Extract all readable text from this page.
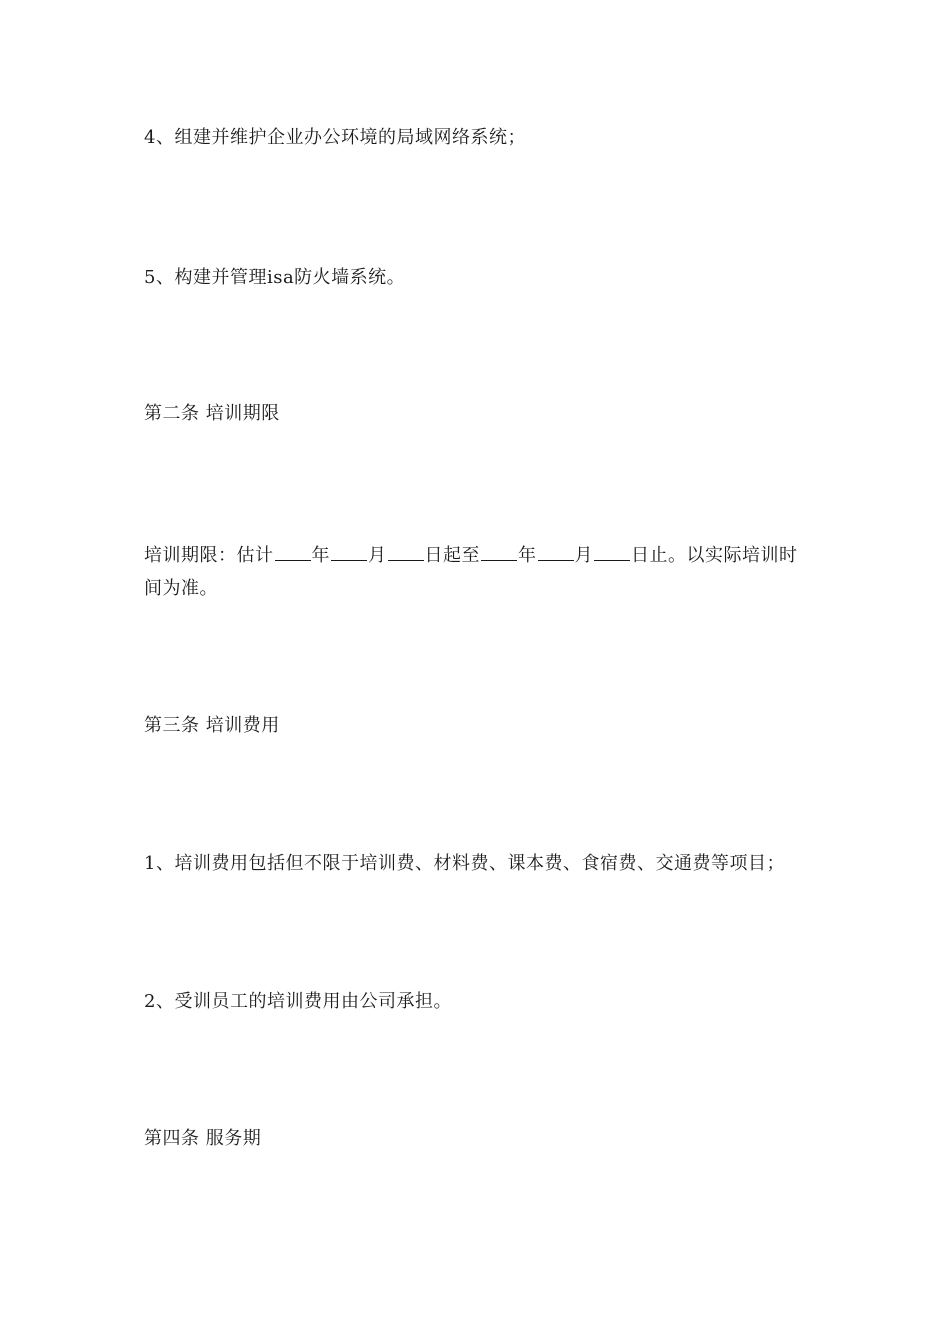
4、组建并维护企业办公环境的局域网络系统；
5、构建并管理isa防火墙系统。
第二条 培训期限
培训期限：估计 年 月 日起至 年 月 日止。以实际培训时间为准。
第三条 培训费用
1、培训费用包括但不限于培训费、材料费、课本费、食宿费、交通费等项目；
2、受训员工的培训费用由公司承担。
第四条 服务期
